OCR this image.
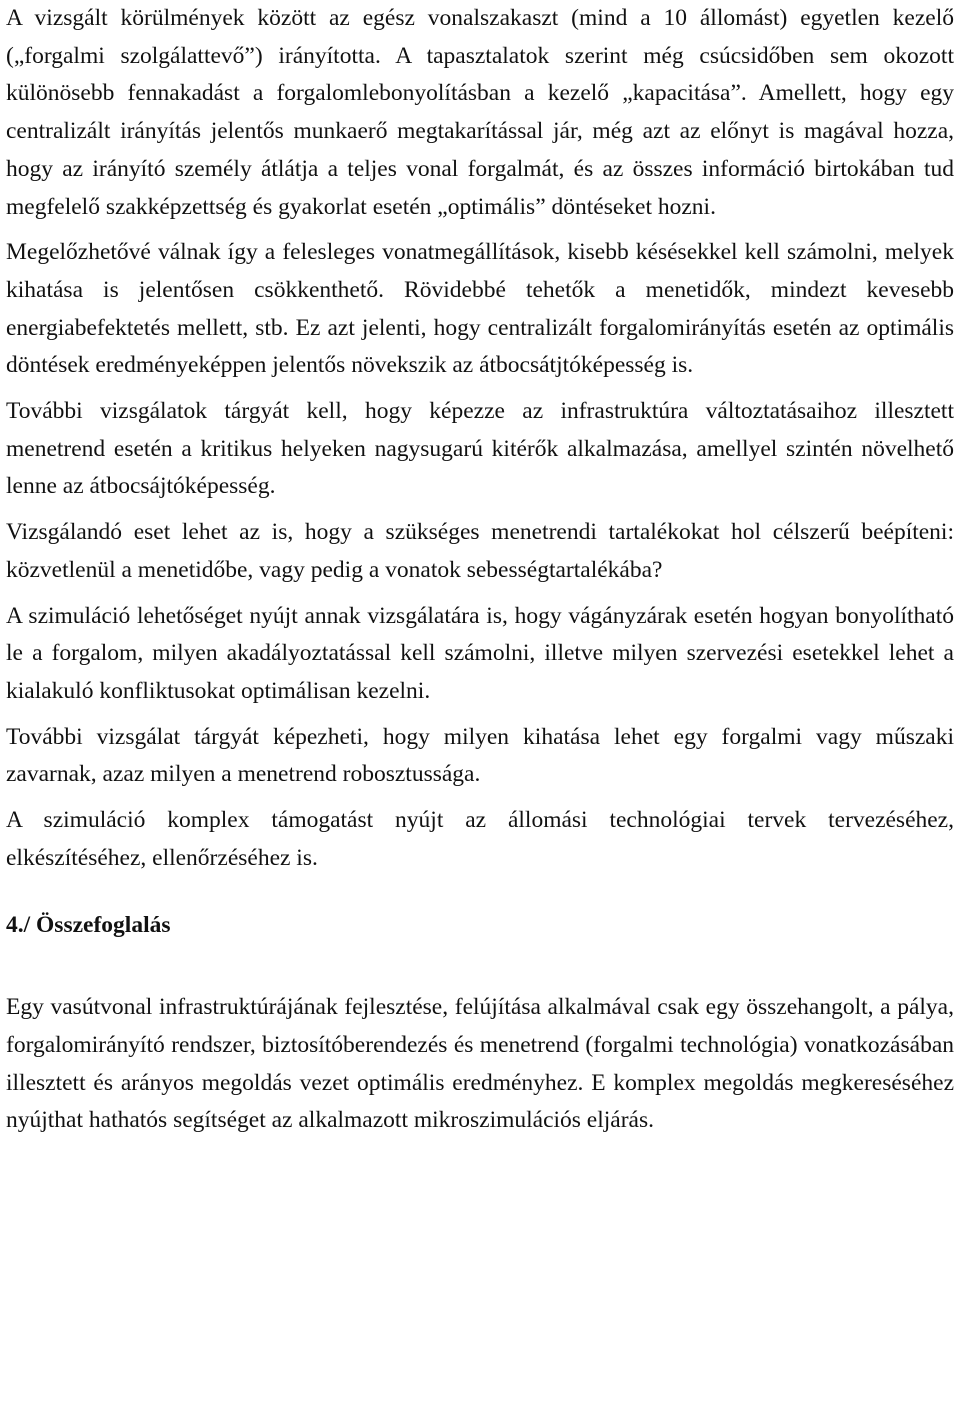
A vizsgált körülmények között az egész vonalszakaszt (mind a 10 állomást) egyetlen kezelő („forgalmi szolgálattevő”) irányította. A tapasztalatok szerint még csúcsidőben sem okozott különösebb fennakadást a forgalomlebonyolításban a kezelő „kapacitása”. Amellett, hogy egy centralizált irányítás jelentős munkaerő megtakarítással jár, még azt az előnyt is magával hozza, hogy az irányító személy átlátja a teljes vonal forgalmát, és az összes információ birtokában tud megfelelő szakképzettség és gyakorlat esetén „optimális” döntéseket hozni.

Megelőzhetővé válnak így a felesleges vonatmegállítások, kisebb késésekkel kell számolni, melyek kihatása is jelentősen csökkenthető. Rövidebbé tehetők a menetidők, mindezt kevesebb energiabefektetés mellett, stb. Ez azt jelenti, hogy centralizált forgalomirányítás esetén az optimális döntések eredményeképpen jelentős növekszik az átbocsátjtóképesség is.

További vizsgálatok tárgyát kell, hogy képezze az infrastruktúra változtatásaihoz illesztett menetrend esetén a kritikus helyeken nagysugarú kitérők alkalmazása, amellyel szintén növelhető lenne az átbocsájtóképesség.

Vizsgálandó eset lehet az is, hogy a szükséges menetrendi tartalékokat hol célszerű beépíteni: közvetlenül a menetidőbe, vagy pedig a vonatok sebességtartalékába?

A szimuláció lehetőséget nyújt annak vizsgálatára is, hogy vágányzárak esetén hogyan bonyolítható le a forgalom, milyen akadályoztatással kell számolni, illetve milyen szervezési esetekkel lehet a kialakuló konfliktusokat optimálisan kezelni.

További vizsgálat tárgyát képezheti, hogy milyen kihatása lehet egy forgalmi vagy műszaki zavarnak, azaz milyen a menetrend robosztussága.

A szimuláció komplex támogatást nyújt az állomási technológiai tervek tervezéséhez, elkészítéséhez, ellenőrzéséhez is.

4./ Összefoglalás

Egy vasútvonal infrastruktúrájának fejlesztése, felújítása alkalmával csak egy összehangolt, a pálya, forgalomirányító rendszer, biztosítóberendezés és menetrend (forgalmi technológia) vonatkozásában illesztett és arányos megoldás vezet optimális eredményhez. E komplex megoldás megkereséséhez nyújthat hathatós segítséget az alkalmazott mikroszimulációs eljárás.
